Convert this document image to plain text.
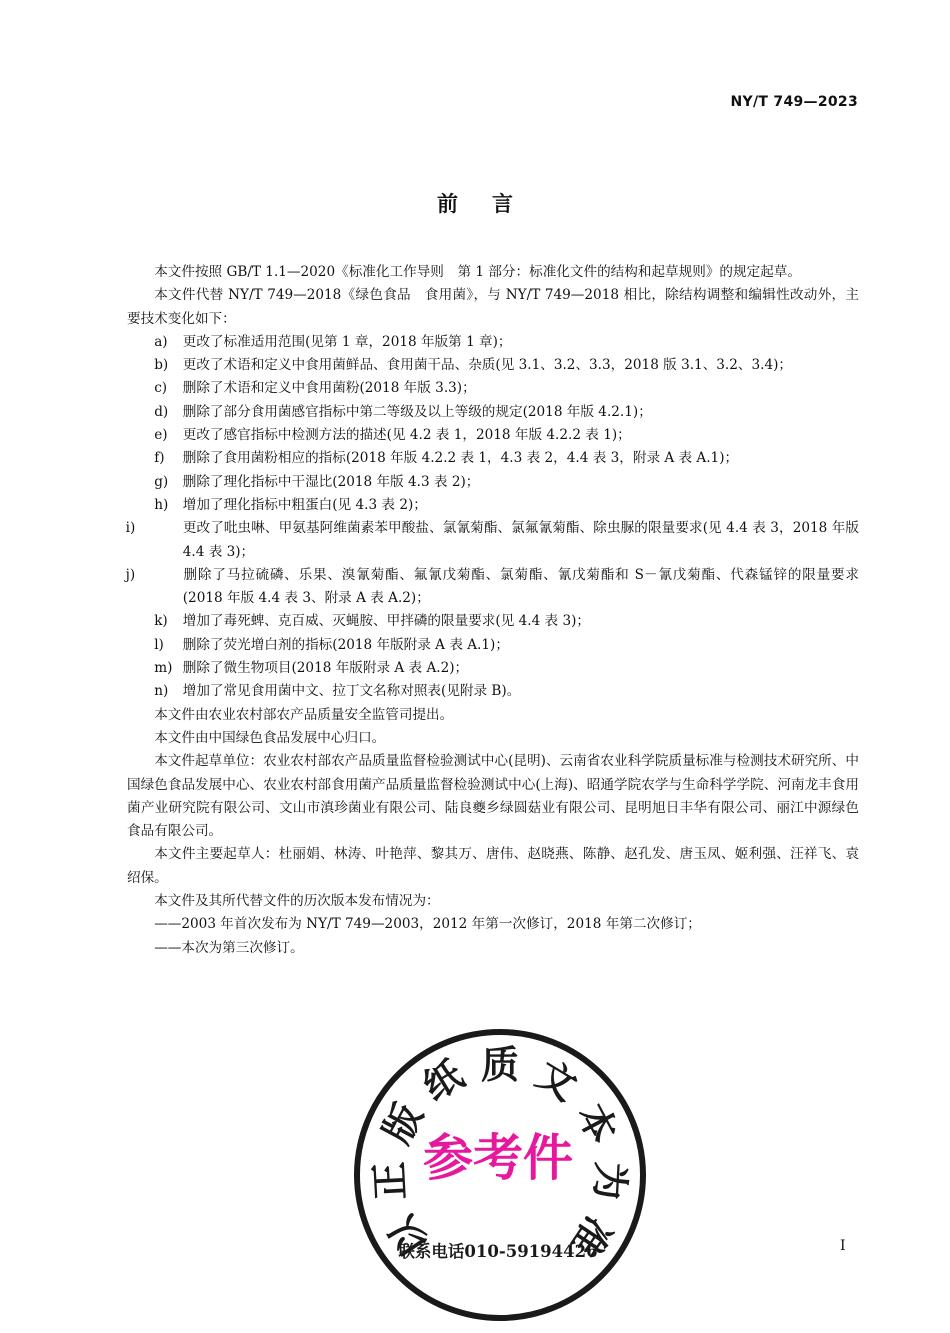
NY/T 749—2023
前言

本文件按照 GB/T 1.1—2020《标准化工作导则　第 1 部分：标准化文件的结构和起草规则》的规定起草。

本文件代替 NY/T 749—2018《绿色食品　食用菌》，与 NY/T 749—2018 相比，除结构调整和编辑性改动外，主要技术变化如下：

a) 更改了标准适用范围(见第 1 章，2018 年版第 1 章)；

b) 更改了术语和定义中食用菌鲜品、食用菌干品、杂质(见 3.1、3.2、3.3，2018 版 3.1、3.2、3.4)；

c) 删除了术语和定义中食用菌粉(2018 年版 3.3)；

d) 删除了部分食用菌感官指标中第二等级及以上等级的规定(2018 年版 4.2.1)；

e) 更改了感官指标中检测方法的描述(见 4.2 表 1，2018 年版 4.2.2 表 1)；

f) 删除了食用菌粉相应的指标(2018 年版 4.2.2 表 1，4.3 表 2，4.4 表 3，附录 A 表 A.1)；

g) 删除了理化指标中干湿比(2018 年版 4.3 表 2)；

h) 增加了理化指标中粗蛋白(见 4.3 表 2)；

i)	更改了吡虫啉、甲氨基阿维菌素苯甲酸盐、氯氰菊酯、氯氟氰菊酯、除虫脲的限量要求(见 4.4 表 3，2018 年版 4.4 表 3)；

j)	删除了马拉硫磷、乐果、溴氰菊酯、氟氰戊菊酯、氯菊酯、氰戊菊酯和 S－氰戊菊酯、代森锰锌的限量要求(2018 年版 4.4 表 3、附录 A 表 A.2)；

k) 增加了毒死蜱、克百威、灭蝇胺、甲拌磷的限量要求(见 4.4 表 3)；

l) 删除了荧光增白剂的指标(2018 年版附录 A 表 A.1)；

m) 删除了微生物项目(2018 年版附录 A 表 A.2)；

n) 增加了常见食用菌中文、拉丁文名称对照表(见附录 B)。

本文件由农业农村部农产品质量安全监管司提出。

本文件由中国绿色食品发展中心归口。

本文件起草单位：农业农村部农产品质量监督检验测试中心(昆明)、云南省农业科学院质量标准与检测技术研究所、中国绿色食品发展中心、农业农村部食用菌产品质量监督检验测试中心(上海)、昭通学院农学与生命科学学院、河南龙丰食用菌产业研究院有限公司、文山市滇珍菌业有限公司、陆良夔乡绿圆菇业有限公司、昆明旭日丰华有限公司、丽江中源绿色食品有限公司。

本文件主要起草人：杜丽娟、林涛、叶艳萍、黎其万、唐伟、赵晓燕、陈静、赵孔发、唐玉凤、姬利强、汪祥飞、袁绍保。

本文件及其所代替文件的历次版本发布情况为：

——2003 年首次发布为 NY/T 749—2003，2012 年第一次修订，2018 年第二次修订；

——本次为第三次修订。

以
正
版
纸 质 文
本
为
准
参考件
联系电话010-59194426	I
